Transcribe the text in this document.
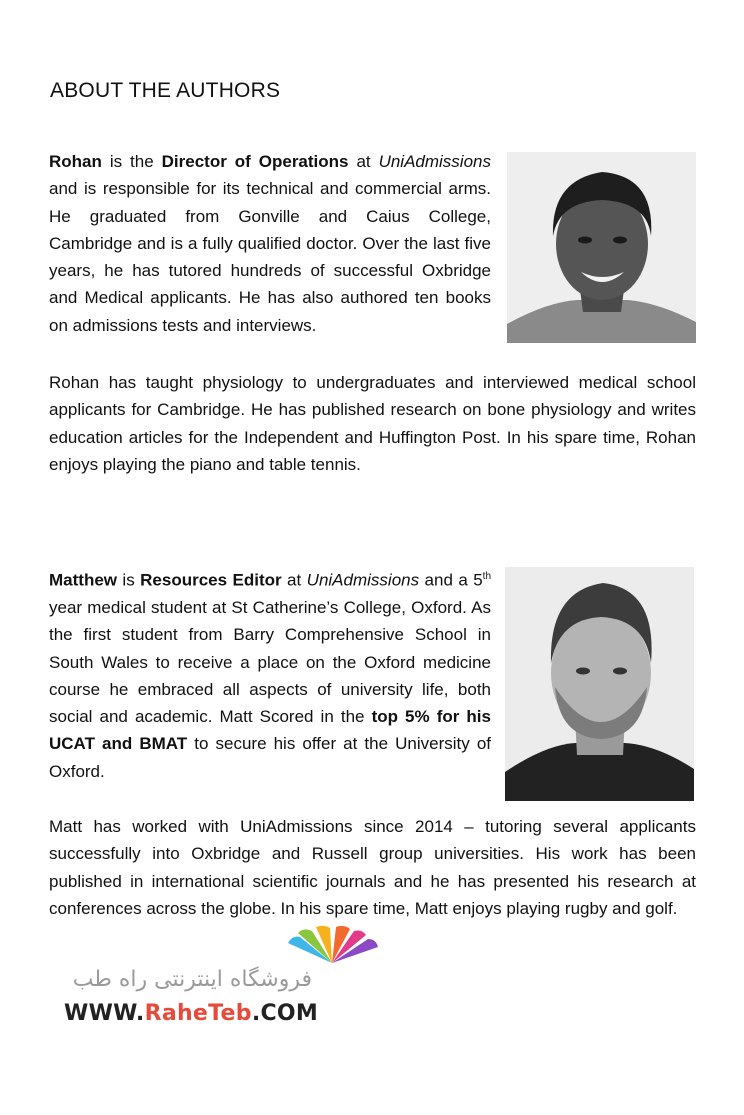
ABOUT THE AUTHORS
Rohan is the Director of Operations at UniAdmissions and is responsible for its technical and commercial arms. He graduated from Gonville and Caius College, Cambridge and is a fully qualified doctor. Over the last five years, he has tutored hundreds of successful Oxbridge and Medical applicants. He has also authored ten books on admissions tests and interviews.
Rohan has taught physiology to undergraduates and interviewed medical school applicants for Cambridge. He has published research on bone physiology and writes education articles for the Independent and Huffington Post. In his spare time, Rohan enjoys playing the piano and table tennis.
Matthew is Resources Editor at UniAdmissions and a 5th year medical student at St Catherine’s College, Oxford. As the first student from Barry Comprehensive School in South Wales to receive a place on the Oxford medicine course he embraced all aspects of university life, both social and academic. Matt Scored in the top 5% for his UCAT and BMAT to secure his offer at the University of Oxford.
Matt has worked with UniAdmissions since 2014 – tutoring several applicants successfully into Oxbridge and Russell group universities. His work has been published in international scientific journals and he has presented his research at conferences across the globe. In his spare time, Matt enjoys playing rugby and golf.
فروشگاه اینترنتی راه طب
WWW.RaheTeb.COM
